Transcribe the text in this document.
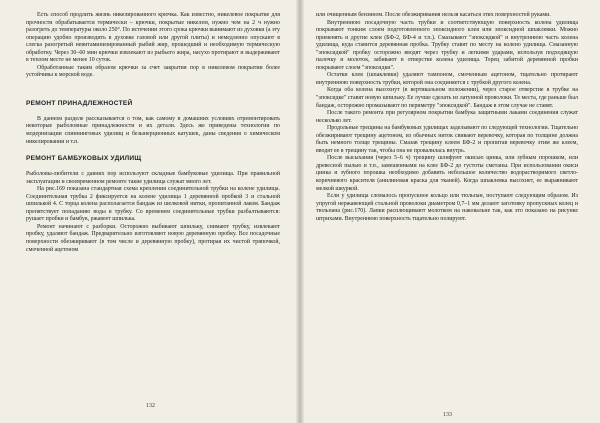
Есть способ продлить жизнь никелированного крючка. Как известно, никелевое покрытие для прочности обрабатывается термически – крючки, покрытые никелем, нужно чем на 2 ч нужно разогреть до температуры около 250°. По истечении этого срока крючки вынимают из духовки (а эту операцию удобно производить в духовке газовой или другой плиты) и немедленно опускают в слегка разогретый невитаминизированный рыбий жир, прошедший и необходимую термическую обработку. Через 30–60 мин крючки извлекают из рыбьего жира, насухо протирают и выдерживают в теплом месте не менее 10 суток.

Обработанные таким образом крючки за счет закрытия пор в никелевом покрытии более устойчивы к морской воде.

РЕМОНТ ПРИНАДЛЕЖНОСТЕЙ

В данном разделе рассказывается о том, как самому в домашних условиях отремонтировать некоторые рыболовные принадлежности и их детали. Здесь же приведены технологии по модернизации спиннинговых удилищ и безынерционных катушек, даны сведения о химическом никелировании и т.п.

РЕМОНТ БАМБУКОВЫХ УДИЛИЩ

Рыболовы-любители с давних пор используют складные бамбуковые удилища. При правильной эксплуатации и своевременном ремонте такие удилища служат много лет.

На рис.169 показана стандартная схема крепления соединительной трубки на колене удилища. Соединительная трубка 2 фиксируется на колене удилища 1 деревянной пробкой 3 и стальной шпилькой 4. С торца колена располагается бандаж из шелковой нитки, пропитанной лаком. Бандаж препятствует попаданию воды в трубку. Со временем соединительные трубки разбалтываются: рушает пробки и бамбук, ржавеет шпилька.

Ремонт начинают с разборки. Осторожно выбивают шпильку, снимают трубку, извлекают пробку, удаляют бандаж. Предварительно изготовляют новую деревянную пробку. Все посадочные поверхности обезжиривают (в том числе и деревянную пробку), протирая их чистой тряпочкой, смоченной ацетоном

132

или очищенным бензином. После обезжиривания нельзя касаться этих поверхностей руками.

Внутреннюю посадочную часть трубки и соответствующую поверхность колена удилища покрывают тонким слоем подготовленного эпоксидного клея или эпоксидной шпаклевки. Можно применять и другие клеи (БФ-2, БФ-4 и т.п.). Смазывают "эпоксидкой" и внутреннюю часть колена удилища, куда ставится деревянная пробка. Трубку ставят по месту на колено удилища. Смазанную "эпоксидкой" пробку осторожно вводят через трубку и легкими ударами, используя подходящую палочку и молоток, забивают в отверстие колена удилища. Торец забитой деревянной пробки покрывают слоем "эпоксидки".

Остатки клея (шпаклевки) удаляют тампоном, смоченным ацетоном, тщательно протирают внутреннюю поверхность трубки, которой она соединяется с трубкой другого колена.

Когда оба колена высохнут (в вертикальном положении), через старое отверстие в трубке на "эпоксидке" ставят новую шпильку. Ее лучше сделать из латунной проволоки. Те места, где раньше был бандаж, осторожно промазывают по периметру "эпоксидкой". Бандаж в этом случае не ставят.

После такого ремонта при регулярном покрытии бамбука защитными лаками соединения служат несколько лет.

Продольные трещины на бамбуковых удилищах заделывают по следующей технологии. Тщательно обезжиривают трещину ацетоном, из обычных ниток свивают веревочку, которая по толщине должна быть немного толще трещины. Смазав трещину клеем БФ-2 и пропитав веревочку этим же клеем, вводят ее в трещину так, чтобы она не провалилась внутрь.

После высыхания (через 5–6 ч) трещину шлифуют окисью цинка, или зубным порошком, или древесной пылью и т.п., замешенными на клее БФ-2 до густоты сметаны. При использовании окиси цинка и зубного порошка необходимо добавить небольшое количество водорастворимого светло-коричневого красителя (анилиновая краска для тканей). Когда шпаклевка высохнет, ее выравнивают мелкой шкуркой.

Если у удилища сломалось пропускное кольцо или тюльпан, поступают следующим образом. Из упругой нержавеющей стальной проволоки диаметром 0,7–1 мм делают заготовку пропускных колец и тюльпана (рис.170). Лапки расплющивают молотком на наковальне так, как это показано на рисунке штрихами. Внутреннюю поверхность тщательно полируют.

133
